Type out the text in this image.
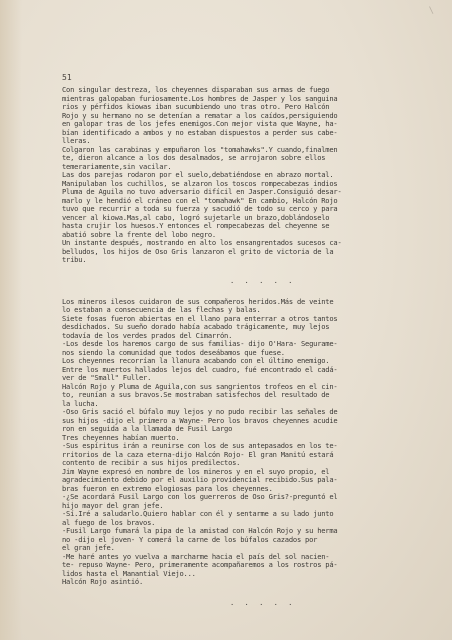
\
51
Con singular destreza, los cheyennes disparaban sus armas de fuego
mientras galopaban furiosamente.Los hombres de Jasper y los sanguina
rios y pérfidos kiowas iban sucumbiendo uno tras otro. Pero Halcón
Rojo y su hermano no se detenían a rematar a los caídos,persiguiendo
en galopar tras de los jefes enemigos.Con mejor vista que Wayne, ha-
bían identificado a ambos y no estaban dispuestos a perder sus cabe-
lleras.
Colgaron las carabinas y empuñaron los "tomahawks".Y cuando,finalmen
te, dieron alcance a los dos desalmados, se arrojaron sobre ellos
temerariamente,sin vacilar.
Las dos parejas rodaron por el suelo,debatiéndose en abrazo mortal.
Manipulaban los cuchillos, se alzaron los toscos rompecabezas indios
Pluma de Aguila no tuvo adversario difícil en Jasper.Consiguió desar-
marlo y le hendió el cráneo con el "tomahawk" En cambio, Halcón Rojo
tuvo que recurrir a toda su fuerza y sacudió de todo su cerco y para
vencer al kiowa.Mas,al cabo, logró sujetarle un brazo,doblándoselo
hasta crujir los huesos.Y entonces el rompecabezas del cheyenne se
abatió sobre la frente del lobo negro.
Un instante después, mostrando en alto los ensangrentados sucesos ca-
belludos, los hijos de Oso Gris lanzaron el grito de victoria de la
tribu.
. . . . .
Los mineros ilesos cuidaron de sus compañeros heridos.Más de veinte
lo estaban a consecuencia de las flechas y balas.
Siete fosas fueron abiertas en el llano para enterrar a otros tantos
desdichados. Su sueño dorado había acabado trágicamente, muy lejos
todavía de los verdes prados del Cimarrón.
-Los desde los haremos cargo de sus familias- dijo O'Hara- Segurame-
nos siendo la comunidad que todos deseábamos que fuese.
Los cheyennes recorrían la llanura acabando con el último enemigo.
Entre los muertos hallados lejos del cuadro, fué encontrado el cadá-
ver de "Small" Fuller.
Halcón Rojo y Pluma de Aguila,con sus sangrientos trofeos en el cin-
to, reunían a sus bravos.Se mostraban satisfechos del resultado de
la lucha.
-Oso Gris sació el búfalo muy lejos y no pudo recibir las señales de
sus hijos -dijo el primero a Wayne- Pero los bravos cheyennes acudie
ron en seguida a la llamada de Fusil Largo
Tres cheyennes habían muerto.
-Sus espíritus irán a reunirse con los de sus antepasados en los te-
rritorios de la caza eterna-dijo Halcón Rojo- El gran Manitú estará
contento de recibir a sus hijos predilectos.
Jim Wayne expresó en nombre de los mineros y en el suyo propio, el
agradecimiento debido por el auxilio providencial recibido.Sus pala-
bras fueron en extremo elogiosas para los cheyennes.
-¿Se acordará Fusil Largo con los guerreros de Oso Gris?-preguntó el
hijo mayor del gran jefe.
-Sí.Iré a saludarlo.Quiero hablar con él y sentarme a su lado junto
al fuego de los bravos.
-Fusil Largo fumará la pipa de la amistad con Halcón Rojo y su herma
no -dijo el joven- Y comerá la carne de los búfalos cazados por
el gran jefe.
-Me haré antes yo vuelva a marcharme hacia el país del sol nacien-
te- repuso Wayne- Pero, primeramente acompañaremos a los rostros pá-
lidos hasta el Manantial Viejo...
Halcón Rojo asintió.
. . . . .
